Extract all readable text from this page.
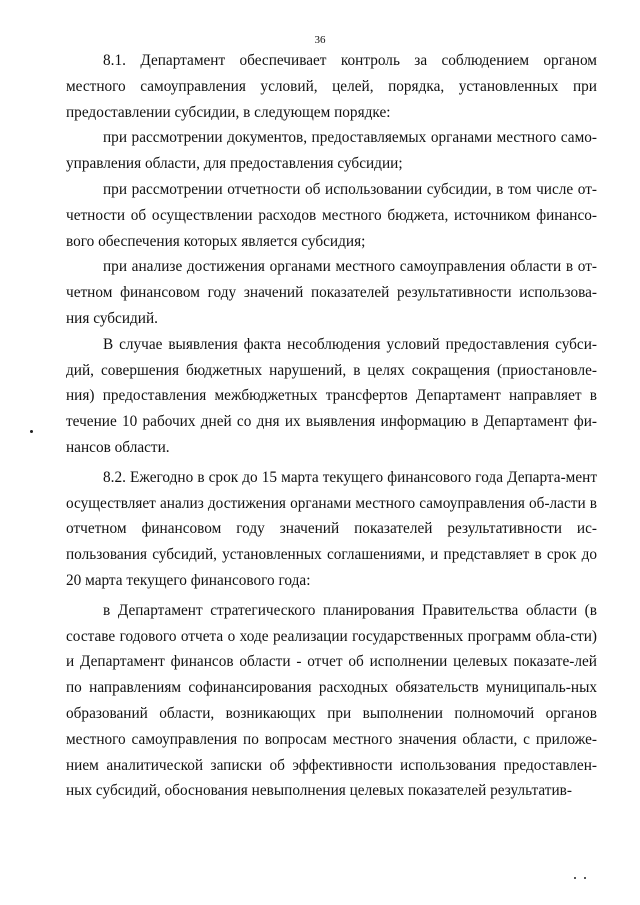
36

8.1. Департамент обеспечивает контроль за соблюдением органом местного самоуправления условий, целей, порядка, установленных при предоставлении субсидии, в следующем порядке:

при рассмотрении документов, предоставляемых органами местного само-управления области, для предоставления субсидии;

при рассмотрении отчетности об использовании субсидии, в том числе от-четности об осуществлении расходов местного бюджета, источником финансо-вого обеспечения которых является субсидия;

при анализе достижения органами местного самоуправления области в от-четном финансовом году значений показателей результативности использова-ния субсидий.

В случае выявления факта несоблюдения условий предоставления субси-дий, совершения бюджетных нарушений, в целях сокращения (приостановле-ния) предоставления межбюджетных трансфертов Департамент направляет в течение 10 рабочих дней со дня их выявления информацию в Департамент фи-нансов области.

8.2. Ежегодно в срок до 15 марта текущего финансового года Департа-мент осуществляет анализ достижения органами местного самоуправления об-ласти в отчетном финансовом году значений показателей результативности ис-пользования субсидий, установленных соглашениями, и представляет в срок до 20 марта текущего финансового года:

в Департамент стратегического планирования Правительства области (в составе годового отчета о ходе реализации государственных программ обла-сти) и Департамент финансов области - отчет об исполнении целевых показате-лей по направлениям софинансирования расходных обязательств муниципаль-ных образований области, возникающих при выполнении полномочий органов местного самоуправления по вопросам местного значения области, с приложе-нием аналитической записки об эффективности использования предоставлен-ных субсидий, обоснования невыполнения целевых показателей результатив-
